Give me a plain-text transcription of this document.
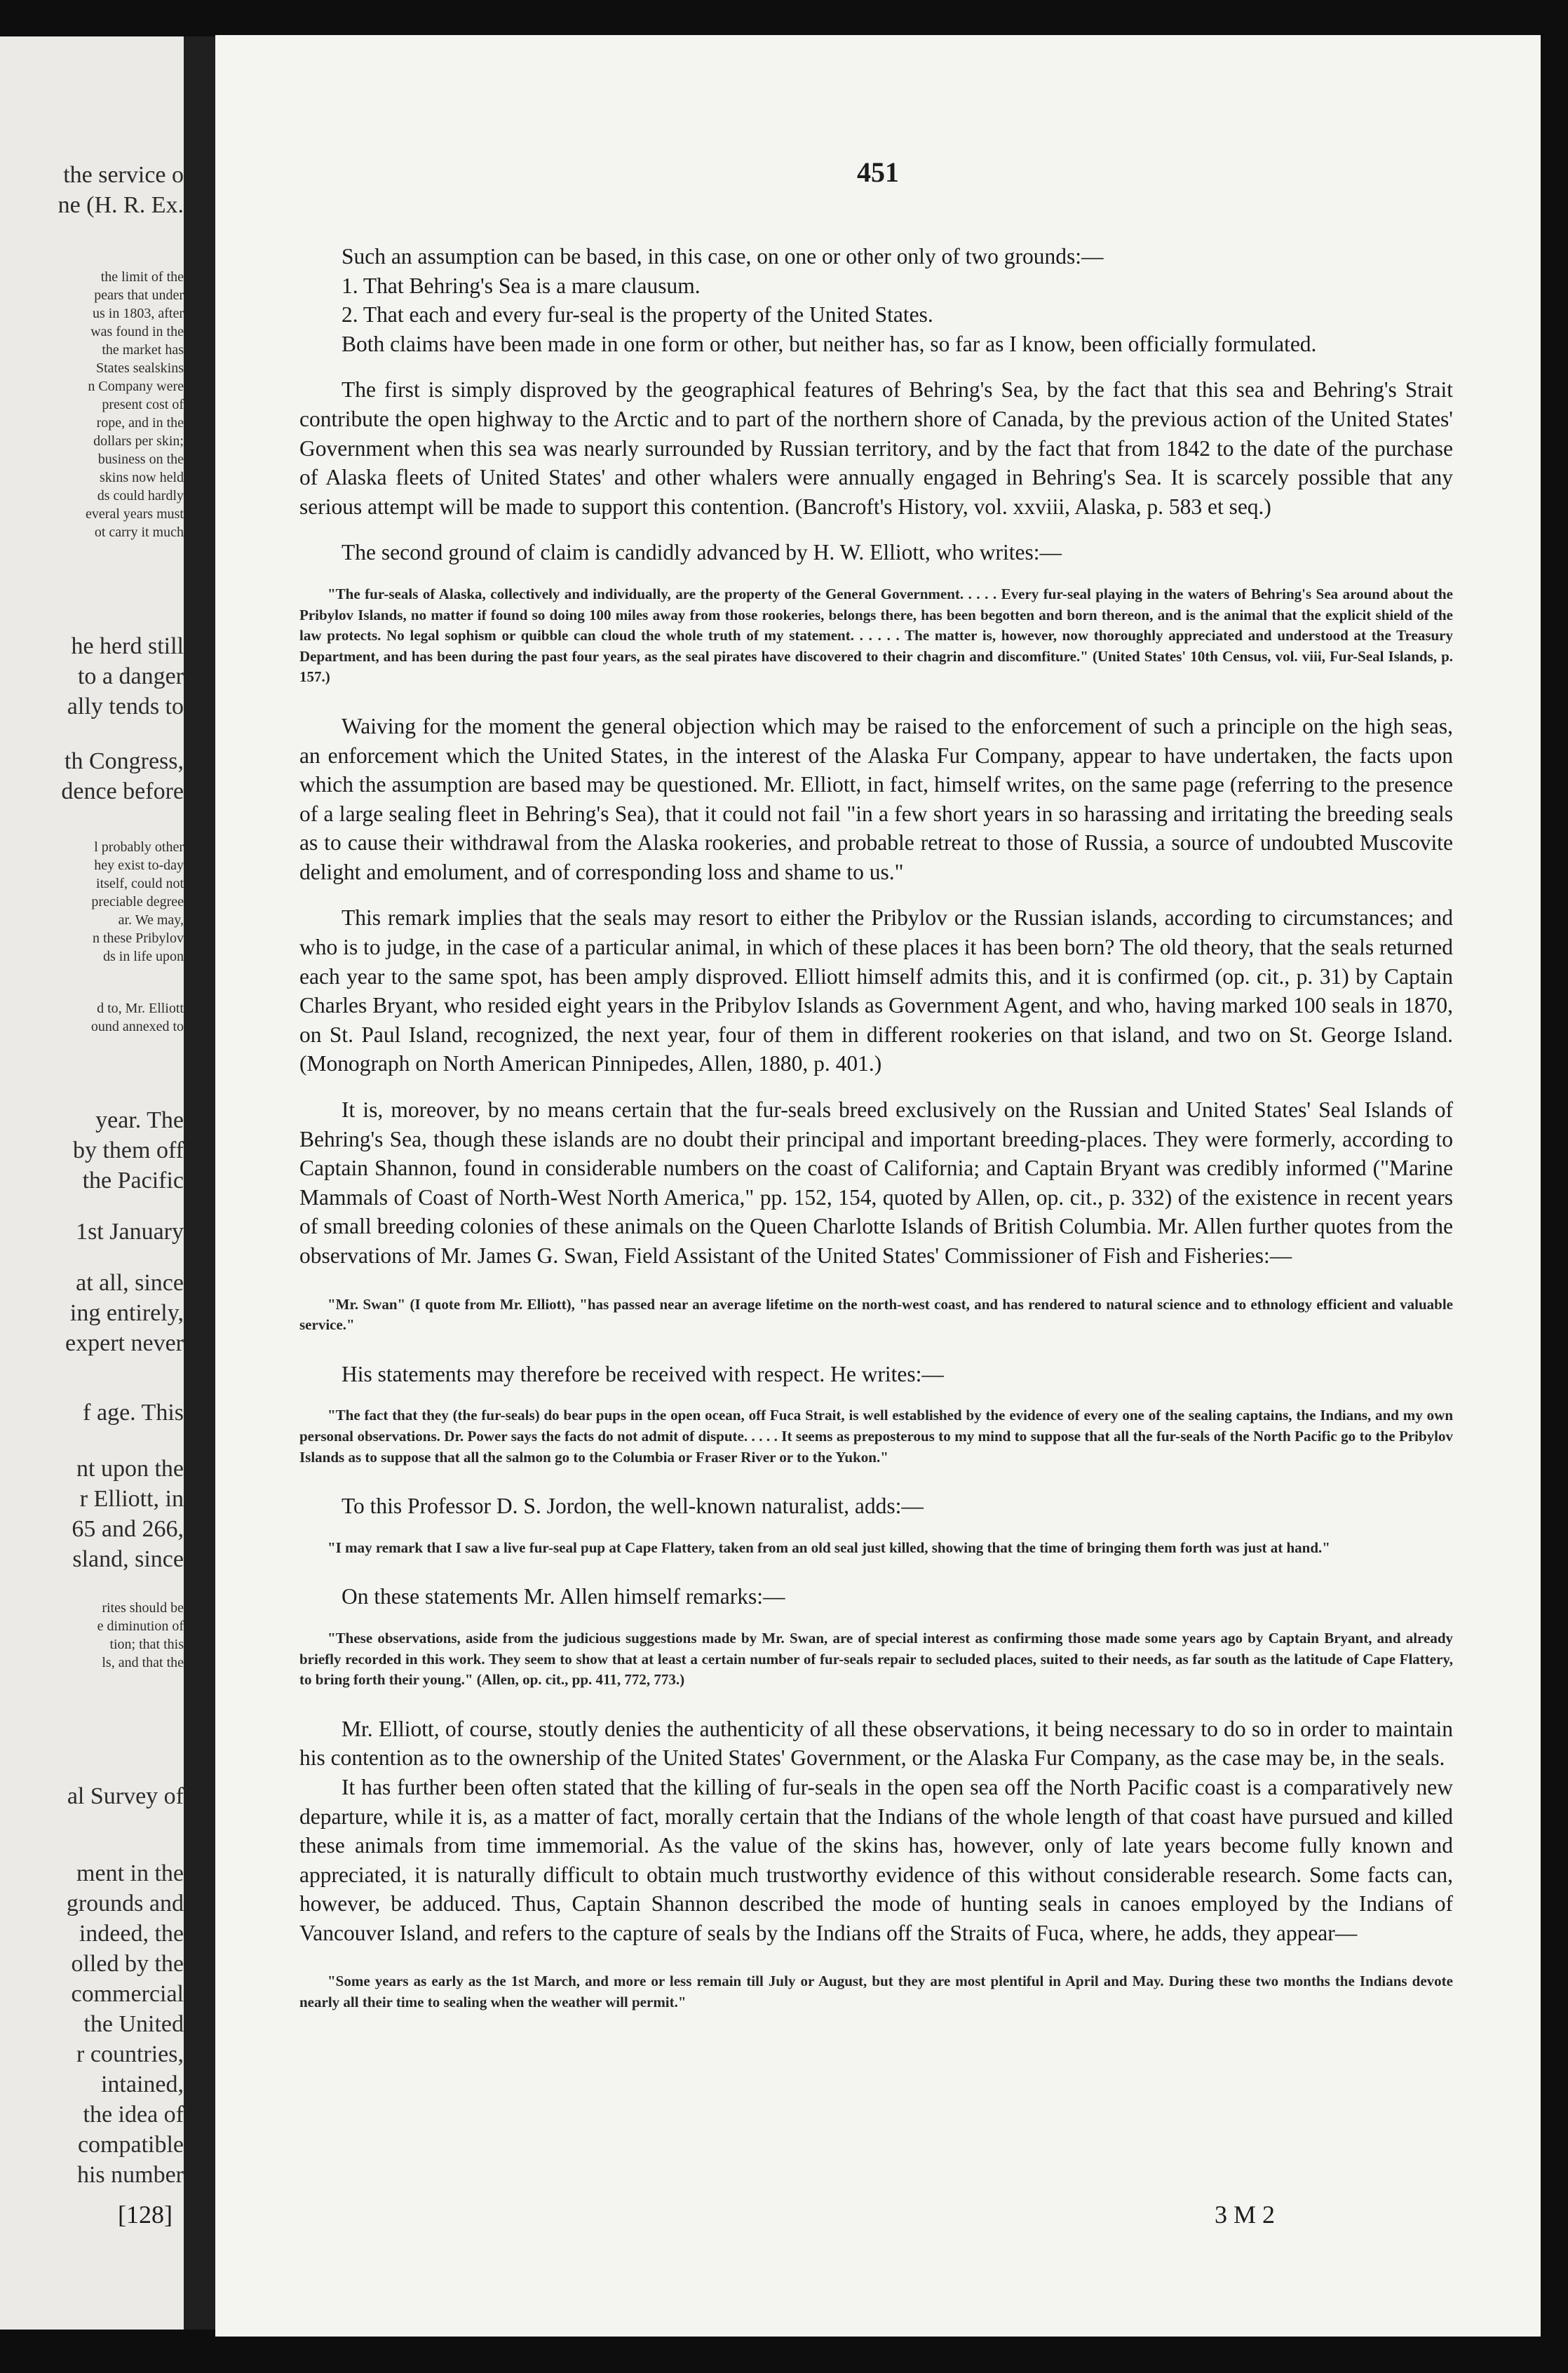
the service o
ne (H. R. Ex.
the limit of the
pears that under
us in 1803, after
was found in the
the market has
States sealskins
n Company were
present cost of
rope, and in the
dollars per skin;
business on the
skins now held
ds could hardly
everal years must
ot carry it much
he herd still
to a danger
ally tends to
th Congress,
dence before
l probably other
hey exist to-day
itself, could not
preciable degree
ar. We may,
n these Pribylov
ds in life upon
d to, Mr. Elliott
ound annexed to
year. The
by them off
the Pacific
1st January
at all, since
ing entirely,
expert never
f age. This
nt upon the
r Elliott, in
65 and 266,
sland, since
rites should be
e diminution of
tion; that this
ls, and that the
al Survey of
ment in the
grounds and
indeed, the
olled by the
commercial
the United
r countries,
intained,
the idea of
compatible
his number
451

Such an assumption can be based, in this case, on one or other only of two grounds:—

1. That Behring's Sea is a mare clausum.

2. That each and every fur-seal is the property of the United States.

Both claims have been made in one form or other, but neither has, so far as I know, been officially formulated.

The first is simply disproved by the geographical features of Behring's Sea, by the fact that this sea and Behring's Strait contribute the open highway to the Arctic and to part of the northern shore of Canada, by the previous action of the United States' Government when this sea was nearly surrounded by Russian territory, and by the fact that from 1842 to the date of the purchase of Alaska fleets of United States' and other whalers were annually engaged in Behring's Sea. It is scarcely possible that any serious attempt will be made to support this contention. (Bancroft's History, vol. xxviii, Alaska, p. 583 et seq.)

The second ground of claim is candidly advanced by H. W. Elliott, who writes:—

"The fur-seals of Alaska, collectively and individually, are the property of the General Government. . . . . Every fur-seal playing in the waters of Behring's Sea around about the Pribylov Islands, no matter if found so doing 100 miles away from those rookeries, belongs there, has been begotten and born thereon, and is the animal that the explicit shield of the law protects. No legal sophism or quibble can cloud the whole truth of my statement. . . . . . The matter is, however, now thoroughly appreciated and understood at the Treasury Department, and has been during the past four years, as the seal pirates have discovered to their chagrin and discomfiture." (United States' 10th Census, vol. viii, Fur-Seal Islands, p. 157.)

Waiving for the moment the general objection which may be raised to the enforcement of such a principle on the high seas, an enforcement which the United States, in the interest of the Alaska Fur Company, appear to have undertaken, the facts upon which the assumption are based may be questioned. Mr. Elliott, in fact, himself writes, on the same page (referring to the presence of a large sealing fleet in Behring's Sea), that it could not fail "in a few short years in so harassing and irritating the breeding seals as to cause their withdrawal from the Alaska rookeries, and probable retreat to those of Russia, a source of undoubted Muscovite delight and emolument, and of corresponding loss and shame to us."

This remark implies that the seals may resort to either the Pribylov or the Russian islands, according to circumstances; and who is to judge, in the case of a particular animal, in which of these places it has been born? The old theory, that the seals returned each year to the same spot, has been amply disproved. Elliott himself admits this, and it is confirmed (op. cit., p. 31) by Captain Charles Bryant, who resided eight years in the Pribylov Islands as Government Agent, and who, having marked 100 seals in 1870, on St. Paul Island, recognized, the next year, four of them in different rookeries on that island, and two on St. George Island. (Monograph on North American Pinnipedes, Allen, 1880, p. 401.)

It is, moreover, by no means certain that the fur-seals breed exclusively on the Russian and United States' Seal Islands of Behring's Sea, though these islands are no doubt their principal and important breeding-places. They were formerly, according to Captain Shannon, found in considerable numbers on the coast of California; and Captain Bryant was credibly informed ("Marine Mammals of Coast of North-West North America," pp. 152, 154, quoted by Allen, op. cit., p. 332) of the existence in recent years of small breeding colonies of these animals on the Queen Charlotte Islands of British Columbia. Mr. Allen further quotes from the observations of Mr. James G. Swan, Field Assistant of the United States' Commissioner of Fish and Fisheries:—

"Mr. Swan" (I quote from Mr. Elliott), "has passed near an average lifetime on the north-west coast, and has rendered to natural science and to ethnology efficient and valuable service."

His statements may therefore be received with respect. He writes:—

"The fact that they (the fur-seals) do bear pups in the open ocean, off Fuca Strait, is well established by the evidence of every one of the sealing captains, the Indians, and my own personal observations. Dr. Power says the facts do not admit of dispute. . . . . It seems as preposterous to my mind to suppose that all the fur-seals of the North Pacific go to the Pribylov Islands as to suppose that all the salmon go to the Columbia or Fraser River or to the Yukon."

To this Professor D. S. Jordon, the well-known naturalist, adds:—

"I may remark that I saw a live fur-seal pup at Cape Flattery, taken from an old seal just killed, showing that the time of bringing them forth was just at hand."

On these statements Mr. Allen himself remarks:—

"These observations, aside from the judicious suggestions made by Mr. Swan, are of special interest as confirming those made some years ago by Captain Bryant, and already briefly recorded in this work. They seem to show that at least a certain number of fur-seals repair to secluded places, suited to their needs, as far south as the latitude of Cape Flattery, to bring forth their young." (Allen, op. cit., pp. 411, 772, 773.)

Mr. Elliott, of course, stoutly denies the authenticity of all these observations, it being necessary to do so in order to maintain his contention as to the ownership of the United States' Government, or the Alaska Fur Company, as the case may be, in the seals.

It has further been often stated that the killing of fur-seals in the open sea off the North Pacific coast is a comparatively new departure, while it is, as a matter of fact, morally certain that the Indians of the whole length of that coast have pursued and killed these animals from time immemorial. As the value of the skins has, however, only of late years become fully known and appreciated, it is naturally difficult to obtain much trustworthy evidence of this without considerable research. Some facts can, however, be adduced. Thus, Captain Shannon described the mode of hunting seals in canoes employed by the Indians of Vancouver Island, and refers to the capture of seals by the Indians off the Straits of Fuca, where, he adds, they appear—

"Some years as early as the 1st March, and more or less remain till July or August, but they are most plentiful in April and May. During these two months the Indians devote nearly all their time to sealing when the weather will permit."

[128]	3 M 2
